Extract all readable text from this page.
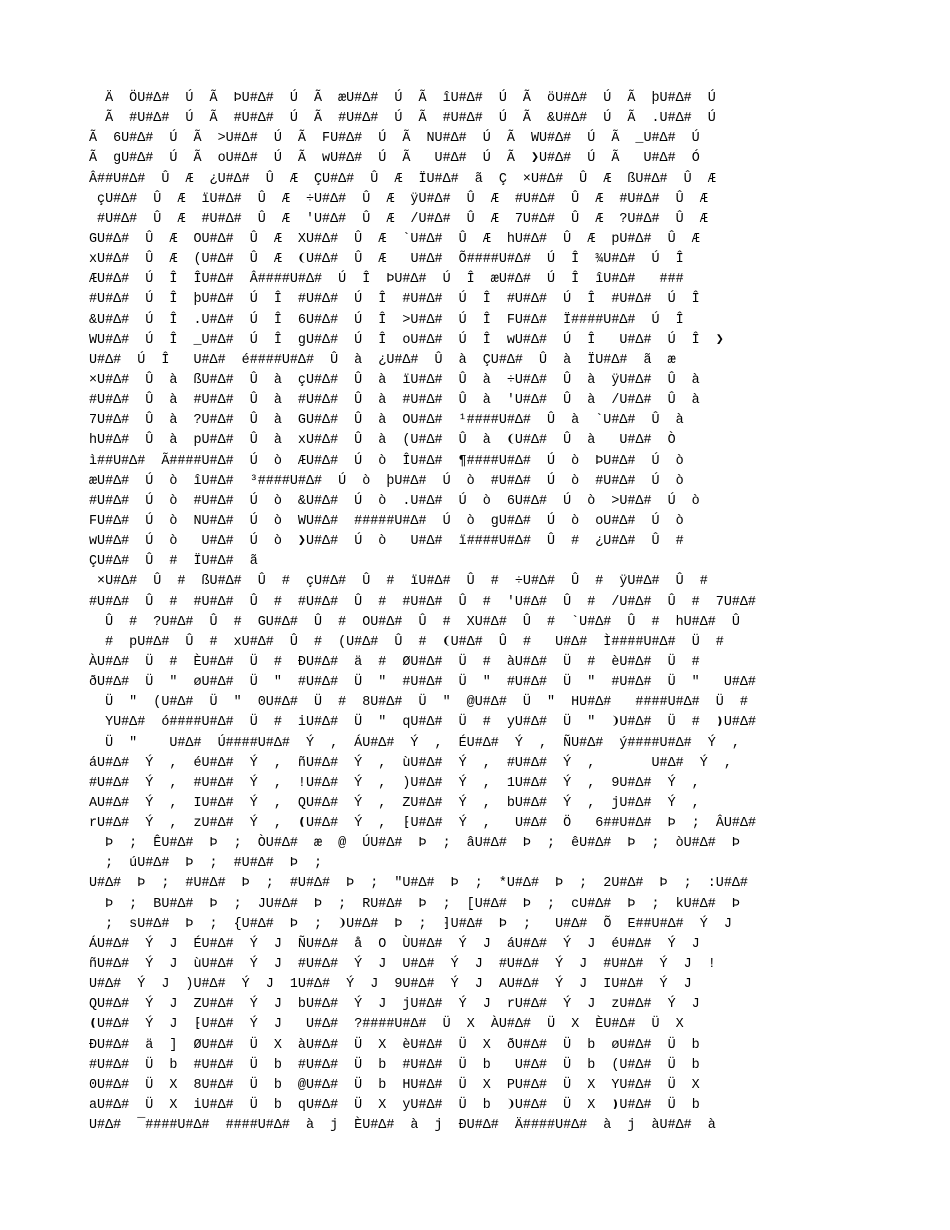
Ä  ÖU#Δ#  Ú  Ã  ÞU#Δ#  Ú  Ã  æU#Δ#  Ú  Ã  îU#Δ#  Ú  Ã  öU#Δ#  Ú  Ã  þU#Δ#  Ú
Ã  #U#Δ#  Ú  Ã  #U#Δ#  Ú  Ã  #U#Δ#  Ú  Ã  #U#Δ#  Ú  Ã  &U#Δ#  Ú  Ã  .U#Δ#  Ú
Ã  6U#Δ#  Ú  Ã  >U#Δ#  Ú  Ã  FU#Δ#  Ú  Ã  NU#Δ#  Ú  Ã  WU#Δ#  Ú  Ã  _U#Δ#  Ú
Ã  gU#Δ#  Ú  Ã  oU#Δ#  Ú  Ã  wU#Δ#  Ú  Ã   U#Δ#  Ú  Ã  ❯U#Δ#  Ú  Ã   U#Δ#  Ó
Â##U#Δ#  Û  Æ  ¿U#Δ#  Û  Æ  ÇU#Δ#  Û  Æ  ÏU#Δ#  ã  Ç  ×U#Δ#  Û  Æ  ßU#Δ#  Û  Æ
çU#Δ#  Û  Æ  ïU#Δ#  Û  Æ  ÷U#Δ#  Û  Æ  ÿU#Δ#  Û  Æ  #U#Δ#  Û  Æ  #U#Δ#  Û  Æ
#U#Δ#  Û  Æ  #U#Δ#  Û  Æ  'U#Δ#  Û  Æ  /U#Δ#  Û  Æ  7U#Δ#  Û  Æ  ?U#Δ#  Û  Æ
GU#Δ#  Û  Æ  OU#Δ#  Û  Æ  XU#Δ#  Û  Æ  `U#Δ#  Û  Æ  hU#Δ#  Û  Æ  pU#Δ#  Û  Æ
xU#Δ#  Û  Æ  (U#Δ#  Û  Æ  ❨U#Δ#  Û  Æ   U#Δ#  Õ####U#Δ#  Ú  Î  ¾U#Δ#  Ú  Î
ÆU#Δ#  Ú  Î  ÎU#Δ#  Â####U#Δ#  Ú  Î  ÞU#Δ#  Ú  Î  æU#Δ#  Ú  Î  îU#Δ#   ###
#U#Δ#  Ú  Î  þU#Δ#  Ú  Î  #U#Δ#  Ú  Î  #U#Δ#  Ú  Î  #U#Δ#  Ú  Î  #U#Δ#  Ú  Î
&U#Δ#  Ú  Î  .U#Δ#  Ú  Î  6U#Δ#  Ú  Î  >U#Δ#  Ú  Î  FU#Δ#  Ï####U#Δ#  Ú  Î
WU#Δ#  Ú  Î  _U#Δ#  Ú  Î  gU#Δ#  Ú  Î  oU#Δ#  Ú  Î  wU#Δ#  Ú  Î   U#Δ#  Ú  Î  ❯
U#Δ#  Ú  Î   U#Δ#  é####U#Δ#  Û  à  ¿U#Δ#  Û  à  ÇU#Δ#  Û  à  ÏU#Δ#  ã  æ
×U#Δ#  Û  à  ßU#Δ#  Û  à  çU#Δ#  Û  à  ïU#Δ#  Û  à  ÷U#Δ#  Û  à  ÿU#Δ#  Û  à
#U#Δ#  Û  à  #U#Δ#  Û  à  #U#Δ#  Û  à  #U#Δ#  Û  à  'U#Δ#  Û  à  /U#Δ#  Û  à
7U#Δ#  Û  à  ?U#Δ#  Û  à  GU#Δ#  Û  à  OU#Δ#  ¹####U#Δ#  Û  à  `U#Δ#  Û  à
hU#Δ#  Û  à  pU#Δ#  Û  à  xU#Δ#  Û  à  (U#Δ#  Û  à  ❨U#Δ#  Û  à   U#Δ#  Ò
ì##U#Δ#  Ã####U#Δ#  Ú  ò  ÆU#Δ#  Ú  ò  ÎU#Δ#  ¶####U#Δ#  Ú  ò  ÞU#Δ#  Ú  ò
æU#Δ#  Ú  ò  îU#Δ#  ³####U#Δ#  Ú  ò  þU#Δ#  Ú  ò  #U#Δ#  Ú  ò  #U#Δ#  Ú  ò
#U#Δ#  Ú  ò  #U#Δ#  Ú  ò  &U#Δ#  Ú  ò  .U#Δ#  Ú  ò  6U#Δ#  Ú  ò  >U#Δ#  Ú  ò
FU#Δ#  Ú  ò  NU#Δ#  Ú  ò  WU#Δ#  #####U#Δ#  Ú  ò  gU#Δ#  Ú  ò  oU#Δ#  Ú  ò
wU#Δ#  Ú  ò   U#Δ#  Ú  ò  ❯U#Δ#  Ú  ò   U#Δ#  ï####U#Δ#  Û  #  ¿U#Δ#  Û  #
ÇU#Δ#  Û  #  ÏU#Δ#  ã
×U#Δ#  Û  #  ßU#Δ#  Û  #  çU#Δ#  Û  #  ïU#Δ#  Û  #  ÷U#Δ#  Û  #  ÿU#Δ#  Û  #
#U#Δ#  Û  #  #U#Δ#  Û  #  #U#Δ#  Û  #  #U#Δ#  Û  #  'U#Δ#  Û  #  /U#Δ#  Û  #  7U#Δ#
Û  #  ?U#Δ#  Û  #  GU#Δ#  Û  #  OU#Δ#  Û  #  XU#Δ#  Û  #  `U#Δ#  Û  #  hU#Δ#  Û
#  pU#Δ#  Û  #  xU#Δ#  Û  #  (U#Δ#  Û  #  ❨U#Δ#  Û  #   U#Δ#  Ì####U#Δ#  Ü  #
ÀU#Δ#  Ü  #  ÈU#Δ#  Ü  #  ÐU#Δ#  ä  #  ØU#Δ#  Ü  #  àU#Δ#  Ü  #  èU#Δ#  Ü  #
ðU#Δ#  Ü  "  øU#Δ#  Ü  "  #U#Δ#  Ü  "  #U#Δ#  Ü  "  #U#Δ#  Ü  "  #U#Δ#  Ü  "   U#Δ#
Ü  "  (U#Δ#  Ü  "  0U#Δ#  Ü  #  8U#Δ#  Ü  "  @U#Δ#  Ü  "  HU#Δ#   ####U#Δ#  Ü  #
YU#Δ#  ó####U#Δ#  Ü  #  iU#Δ#  Ü  "  qU#Δ#  Ü  #  yU#Δ#  Ü  "  ❩U#Δ#  Ü  #  ❫U#Δ#
Ü  "    U#Δ#  Ú####U#Δ#  Ý  ,  ÁU#Δ#  Ý  ,  ÉU#Δ#  Ý  ,  ÑU#Δ#  ý####U#Δ#  Ý  ,
áU#Δ#  Ý  ,  éU#Δ#  Ý  ,  ñU#Δ#  Ý  ,  ùU#Δ#  Ý  ,  #U#Δ#  Ý  ,       U#Δ#  Ý  ,
#U#Δ#  Ý  ,  #U#Δ#  Ý  ,  !U#Δ#  Ý  ,  )U#Δ#  Ý  ,  1U#Δ#  Ý  ,  9U#Δ#  Ý  ,
AU#Δ#  Ý  ,  IU#Δ#  Ý  ,  QU#Δ#  Ý  ,  ZU#Δ#  Ý  ,  bU#Δ#  Ý  ,  jU#Δ#  Ý  ,
rU#Δ#  Ý  ,  zU#Δ#  Ý  ,  ❪U#Δ#  Ý  ,  ⁅U#Δ#  Ý  ,   U#Δ#  Ö   6##U#Δ#  Þ  ;  ÂU#Δ#
Þ  ;  ÊU#Δ#  Þ  ;  ÒU#Δ#  æ  @  ÚU#Δ#  Þ  ;  âU#Δ#  Þ  ;  êU#Δ#  Þ  ;  òU#Δ#  Þ
;  úU#Δ#  Þ  ;  #U#Δ#  Þ  ;
U#Δ#  Þ  ;  #U#Δ#  Þ  ;  #U#Δ#  Þ  ;  "U#Δ#  Þ  ;  *U#Δ#  Þ  ;  2U#Δ#  Þ  ;  :U#Δ#
Þ  ;  BU#Δ#  Þ  ;  JU#Δ#  Þ  ;  RU#Δ#  Þ  ;  [U#Δ#  Þ  ;  cU#Δ#  Þ  ;  kU#Δ#  Þ
;  sU#Δ#  Þ  ;  {U#Δ#  Þ  ;  ❩U#Δ#  Þ  ;  ⁆U#Δ#  Þ  ;   U#Δ#  Õ  E##U#Δ#  Ý  J
ÁU#Δ#  Ý  J  ÉU#Δ#  Ý  J  ÑU#Δ#  å  O  ÙU#Δ#  Ý  J  áU#Δ#  Ý  J  éU#Δ#  Ý  J
ñU#Δ#  Ý  J  ùU#Δ#  Ý  J  #U#Δ#  Ý  J  U#Δ#  Ý  J  #U#Δ#  Ý  J  #U#Δ#  Ý  J  !
U#Δ#  Ý  J  )U#Δ#  Ý  J  1U#Δ#  Ý  J  9U#Δ#  Ý  J  AU#Δ#  Ý  J  IU#Δ#  Ý  J
QU#Δ#  Ý  J  ZU#Δ#  Ý  J  bU#Δ#  Ý  J  jU#Δ#  Ý  J  rU#Δ#  Ý  J  zU#Δ#  Ý  J
❪U#Δ#  Ý  J  ⁅U#Δ#  Ý  J   U#Δ#  ?####U#Δ#  Ü  X  ÀU#Δ#  Ü  X  ÈU#Δ#  Ü  X
ÐU#Δ#  ä  ]  ØU#Δ#  Ü  X  àU#Δ#  Ü  X  èU#Δ#  Ü  X  ðU#Δ#  Ü  b  øU#Δ#  Ü  b
#U#Δ#  Ü  b  #U#Δ#  Ü  b  #U#Δ#  Ü  b  #U#Δ#  Ü  b   U#Δ#  Ü  b  (U#Δ#  Ü  b
0U#Δ#  Ü  X  8U#Δ#  Ü  b  @U#Δ#  Ü  b  HU#Δ#  Ü  X  PU#Δ#  Ü  X  YU#Δ#  Ü  X
aU#Δ#  Ü  X  iU#Δ#  Ü  b  qU#Δ#  Ü  X  yU#Δ#  Ü  b  ❩U#Δ#  Ü  X  ❫U#Δ#  Ü  b
U#Δ#  ¯####U#Δ#  ####U#Δ#  à  j  ÈU#Δ#  à  j  ÐU#Δ#  Ä####U#Δ#  à  j  àU#Δ#  à
